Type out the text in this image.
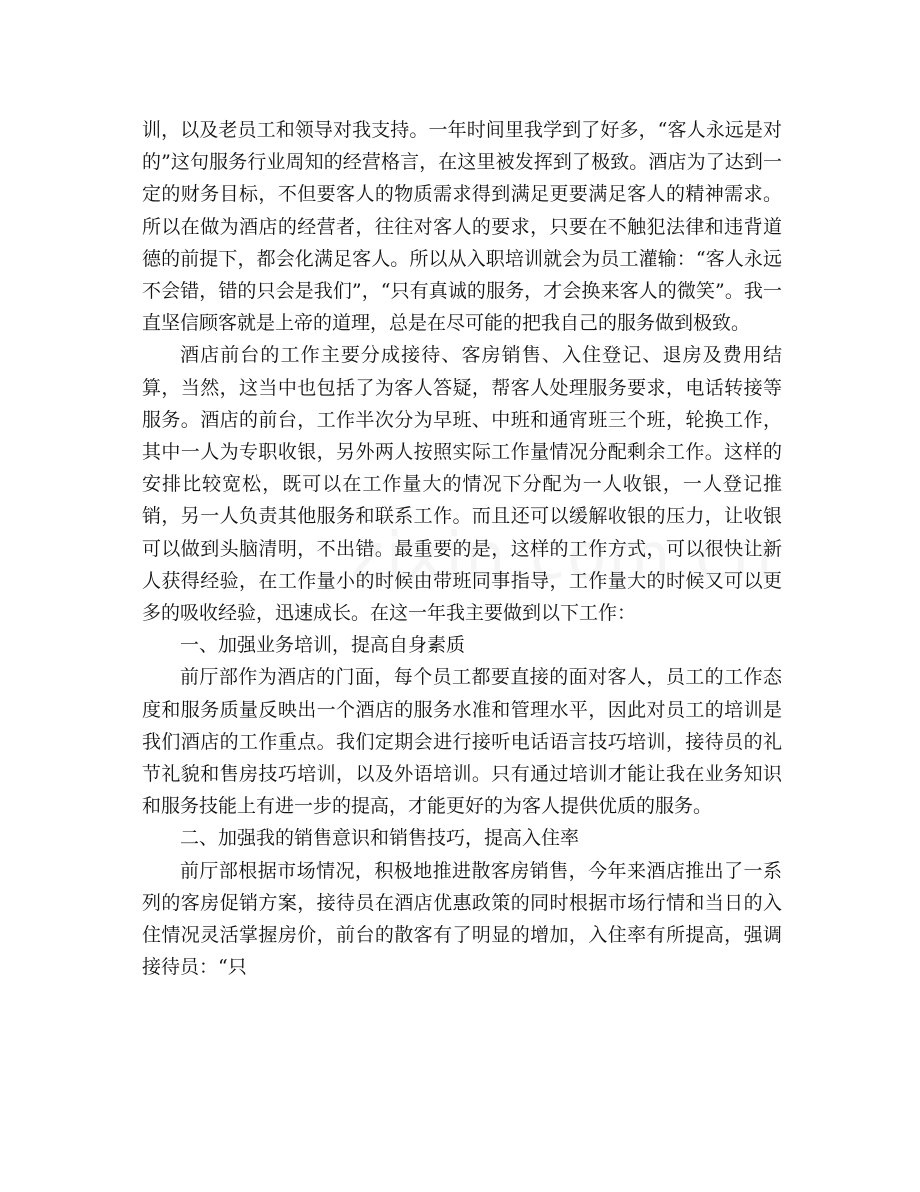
训，以及老员工和领导对我支持。一年时间里我学到了好多，“客人永远是对的”这句服务行业周知的经营格言，在这里被发挥到了极致。酒店为了达到一定的财务目标，不但要客人的物质需求得到满足更要满足客人的精神需求。所以在做为酒店的经营者，往往对客人的要求，只要在不触犯法律和违背道德的前提下，都会化满足客人。所以从入职培训就会为员工灌输：“客人永远不会错，错的只会是我们”，“只有真诚的服务，才会换来客人的微笑”。我一直坚信顾客就是上帝的道理，总是在尽可能的把我自己的服务做到极致。

酒店前台的工作主要分成接待、客房销售、入住登记、退房及费用结算，当然，这当中也包括了为客人答疑，帮客人处理服务要求，电话转接等服务。酒店的前台，工作半次分为早班、中班和通宵班三个班，轮换工作，其中一人为专职收银，另外两人按照实际工作量情况分配剩余工作。这样的安排比较宽松，既可以在工作量大的情况下分配为一人收银，一人登记推销，另一人负责其他服务和联系工作。而且还可以缓解收银的压力，让收银可以做到头脑清明，不出错。最重要的是，这样的工作方式，可以很快让新人获得经验，在工作量小的时候由带班同事指导，工作量大的时候又可以更多的吸收经验，迅速成长。在这一年我主要做到以下工作：

一、加强业务培训，提高自身素质

前厅部作为酒店的门面，每个员工都要直接的面对客人，员工的工作态度和服务质量反映出一个酒店的服务水准和管理水平，因此对员工的培训是我们酒店的工作重点。我们定期会进行接听电话语言技巧培训，接待员的礼节礼貌和售房技巧培训，以及外语培训。只有通过培训才能让我在业务知识和服务技能上有进一步的提高，才能更好的为客人提供优质的服务。

二、加强我的销售意识和销售技巧，提高入住率

前厅部根据市场情况，积极地推进散客房销售，今年来酒店推出了一系列的客房促销方案，接待员在酒店优惠政策的同时根据市场行情和当日的入住情况灵活掌握房价，前台的散客有了明显的增加，入住率有所提高，强调接待员：“只
